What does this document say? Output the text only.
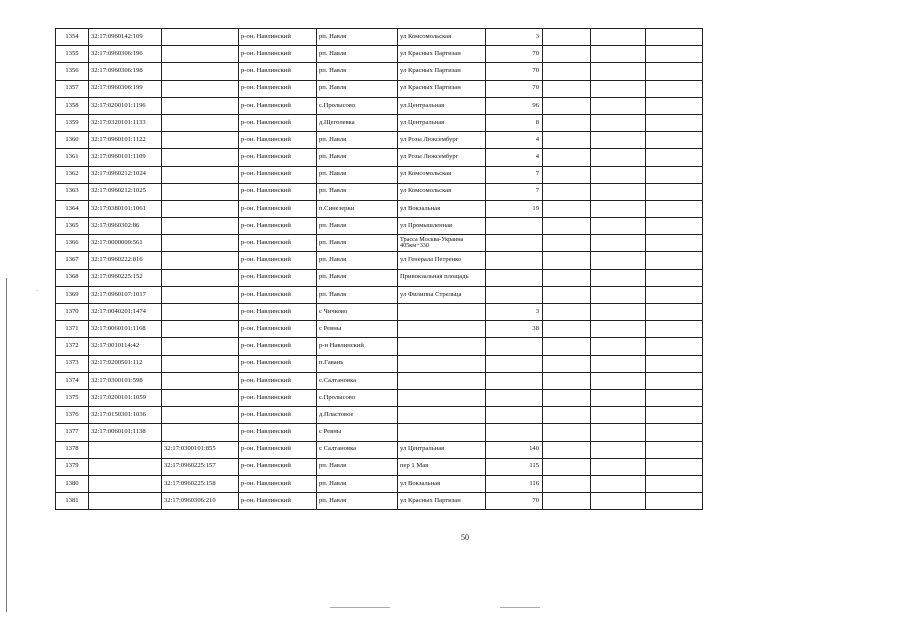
1354	32:17:0960142:109		р-он. Навлинский	рп. Навля	ул Комсомольская	3			
1355	32:17:0960306:196		р-он. Навлинский	рп. Навля	ул Красных Партизан	70			
1356	32:17:0960306:198		р-он. Навлинский	рп. Навля	ул Красных Партизан	70			
1357	32:17:0960306:199		р-он. Навлинский	рп. Навля	ул Красных Партизан	70			
1358	32:17:0200101:1196		р-он. Навлинский	с.Пролысово	ул.Центральная	96			
1359	32:17:0320101:1133		р-он. Навлинский	д.Щеголевка	ул Центральная	8			
1360	32:17:0960101:1122		р-он. Навлинский	рп. Навля	ул Розы Люксембург	4			
1361	32:17:0960101:1109		р-он. Навлинский	рп. Навля	ул Розы Люксембург	4			
1362	32:17:0960212:1024		р-он. Навлинский	рп. Навля	ул Комсомольская	7			
1363	32:17:0960212:1025		р-он. Навлинский	рп. Навля	ул Комсомольская	7			
1364	32:17:0380101:1061		р-он. Навлинский	п.Синезерки	ул Вокзальная	19			
1365	32:17:0960302:86		р-он. Навлинский	рп. Навля	ул Промышленная				
1366	32:17:0000000:561		р-он. Навлинский	рп. Навля	Трасса Москва-Украина 405км+330				
1367	32:17:0960222:816		р-он. Навлинский	рп. Навля	ул Генерала Петренко				
1368	32:17:0960225:152		р-он. Навлинский	рп. Навля	Привокзальная площадь				
1369	32:17:0960107:1017		р-он. Навлинский	рп. Навля	ул Филиппа Стрельца				
1370	32:17:0040201:1474		р-он. Навлинский	с Чичково		3			
1371	32:17:0060101:1168		р-он. Навлинский	с Ревны		38			
1372	32:17:0010114:42		р-он. Навлинский	р-н Навлинский					
1373	32:17:0200501:112		р-он. Навлинский	п.Гавань					
1374	32:17:0300101:598		р-он. Навлинский	с.Салтановка					
1375	32:17:0200101:1059		р-он. Навлинский	с.Пролысово					
1376	32:17:0150301:1036		р-он. Навлинский	д.Пластовое					
1377	32:17:0060101:1138		р-он. Навлинский	с Ревны					
1378		32:17:0300101:855	р-он. Навлинский	с Салтановка	ул Центральная	140			
1379		32:17:0960225:157	р-он. Навлинский	рп. Навля	пер 1 Мая	115			
1380		32:17:0960225:158	р-он. Навлинский	рп. Навля	ул Вокзальная	116			
1381		32:17:0960306:210	р-он. Навлинский	рп. Навля	ул Красных Партизан	70			
50
·
